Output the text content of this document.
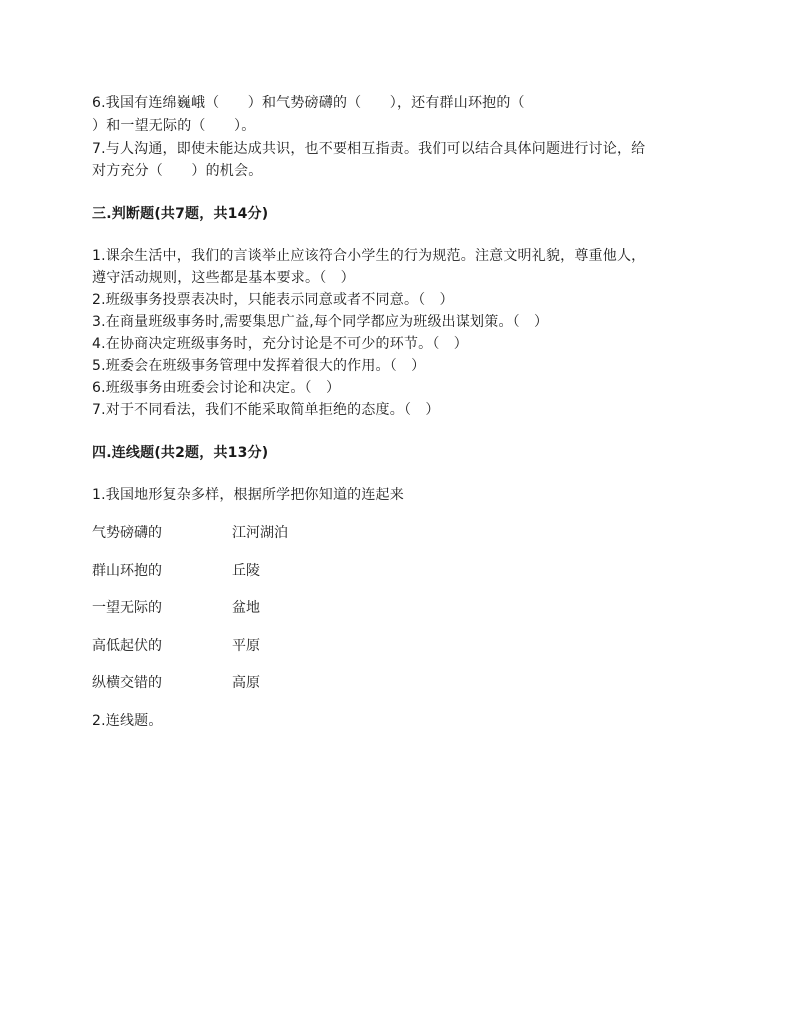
6.我国有连绵巍峨（　　）和气势磅礴的（　　），还有群山环抱的（
）和一望无际的（　　）。
7.与人沟通，即使未能达成共识，也不要相互指责。我们可以结合具体问题进行讨论，给
对方充分（　　）的机会。
三.判断题(共7题，共14分)
1.课余生活中，我们的言谈举止应该符合小学生的行为规范。注意文明礼貌，尊重他人，
遵守活动规则，这些都是基本要求。（　）
2.班级事务投票表决时，只能表示同意或者不同意。（　）
3.在商量班级事务时,需要集思广益,每个同学都应为班级出谋划策。（　）
4.在协商决定班级事务时，充分讨论是不可少的环节。（　）
5.班委会在班级事务管理中发挥着很大的作用。（　）
6.班级事务由班委会讨论和决定。（　）
7.对于不同看法，我们不能采取简单拒绝的态度。（　）
四.连线题(共2题，共13分)
1.我国地形复杂多样，根据所学把你知道的连起来
气势磅礴的	江河湖泊
群山环抱的	丘陵
一望无际的	盆地
高低起伏的	平原
纵横交错的	高原
2.连线题。
